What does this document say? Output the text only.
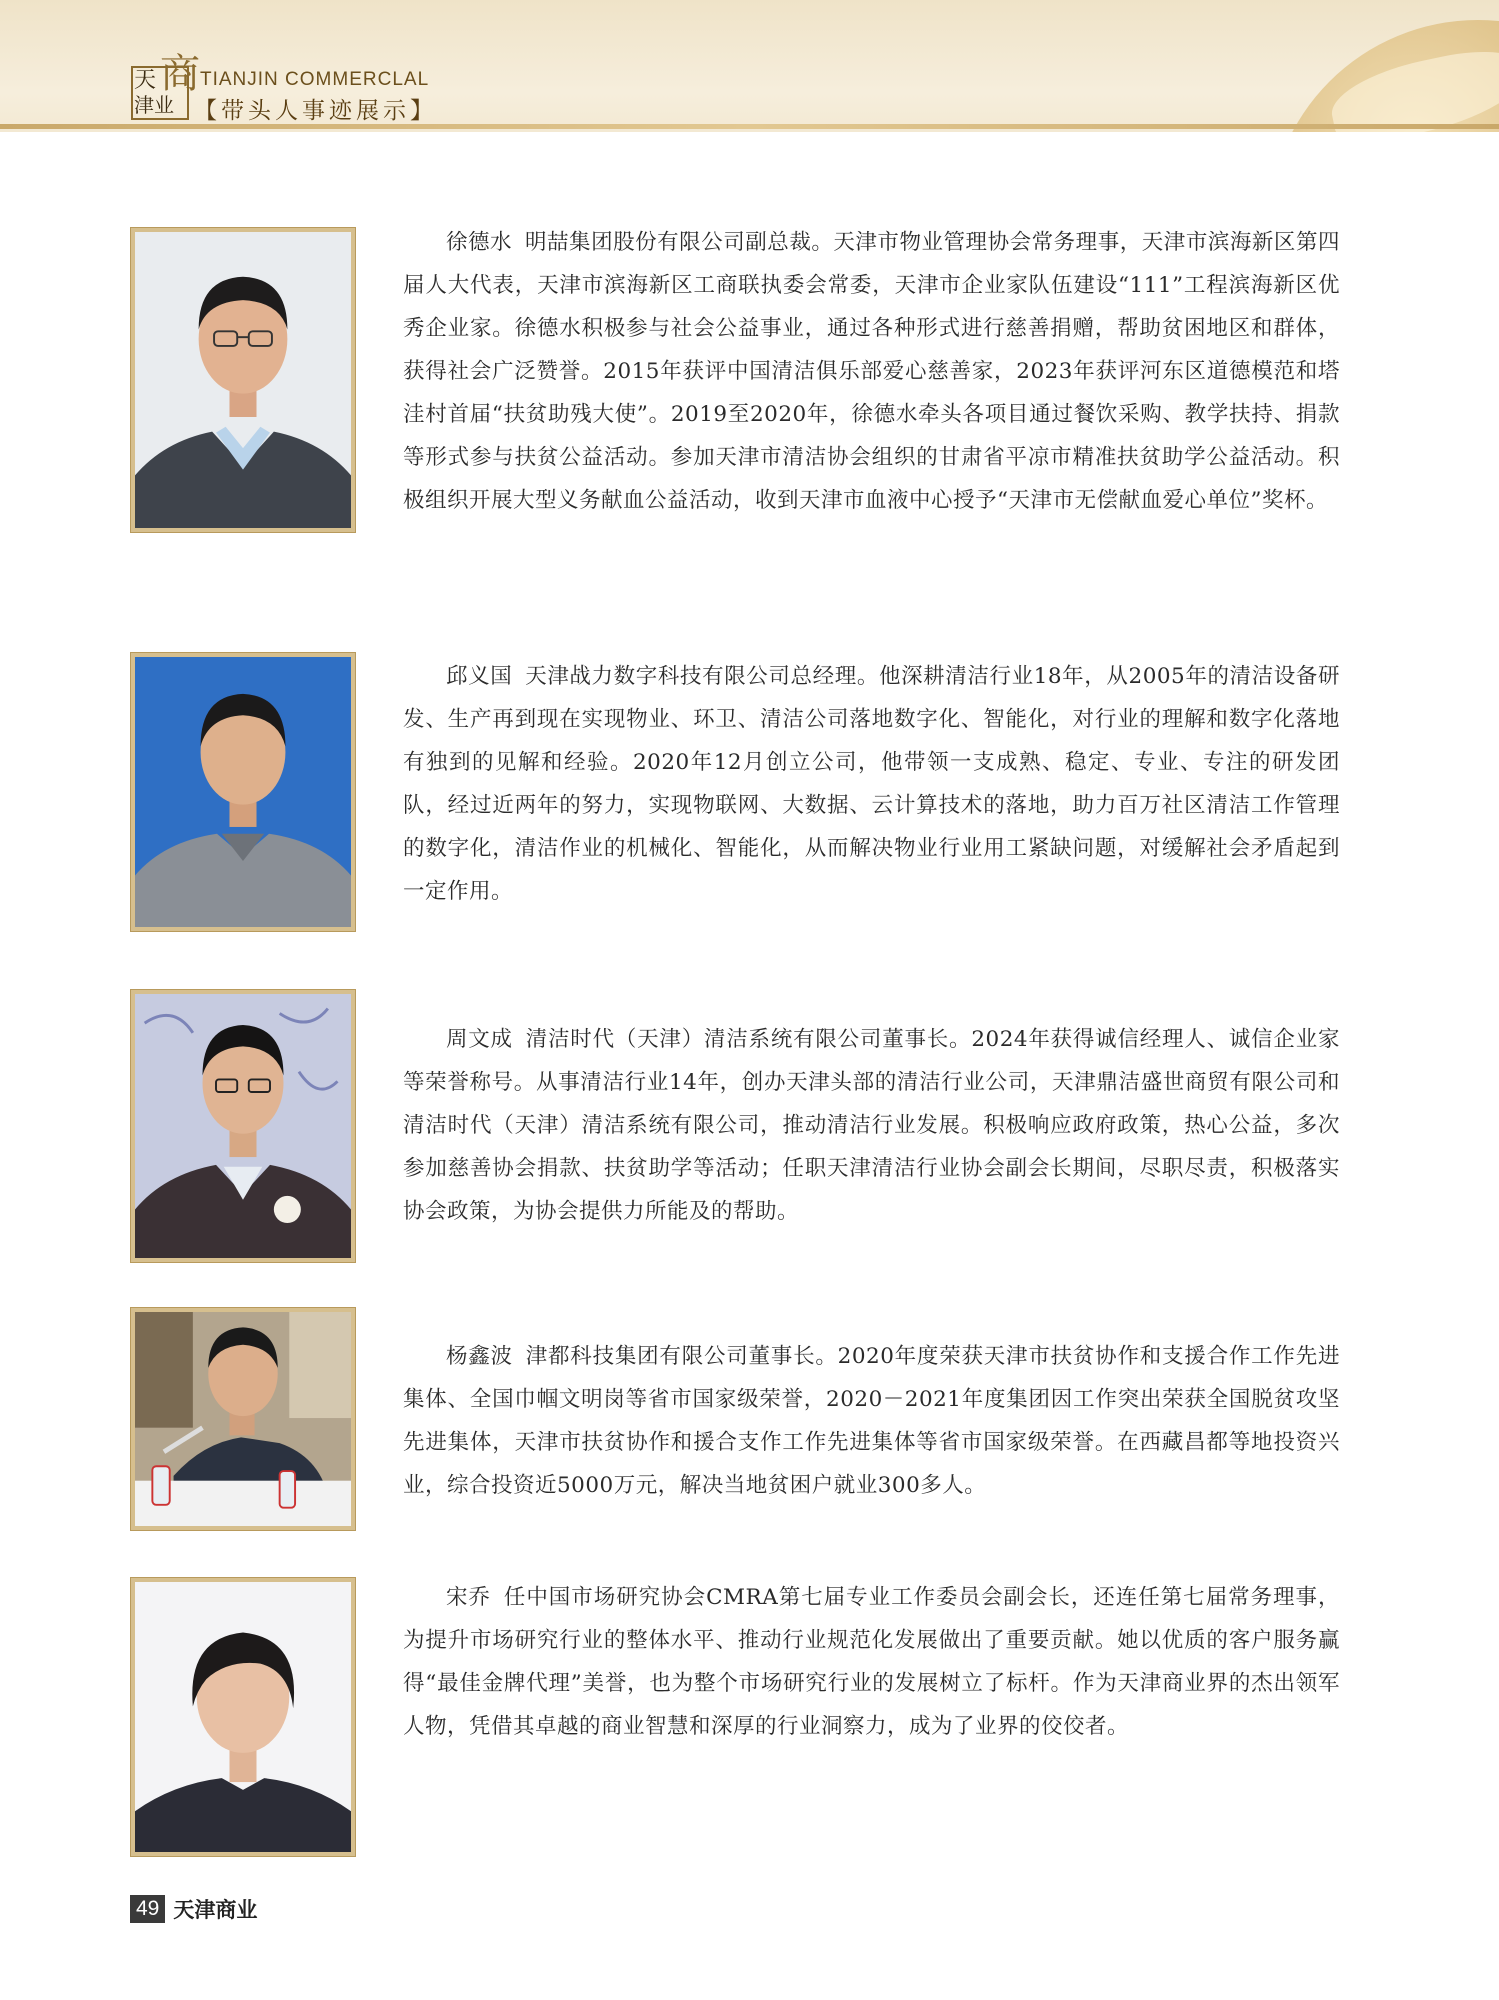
天 商
津业
TIANJIN COMMERCLAL
【带头人事迹展示】
徐德水 明喆集团股份有限公司副总裁。天津市物业管理协会常务理事，天津市滨海新区第四届人大代表，天津市滨海新区工商联执委会常委，天津市企业家队伍建设“111”工程滨海新区优秀企业家。徐德水积极参与社会公益事业，通过各种形式进行慈善捐赠，帮助贫困地区和群体，获得社会广泛赞誉。2015年获评中国清洁俱乐部爱心慈善家，2023年获评河东区道德模范和塔洼村首届“扶贫助残大使”。2019至2020年，徐德水牵头各项目通过餐饮采购、教学扶持、捐款等形式参与扶贫公益活动。参加天津市清洁协会组织的甘肃省平凉市精准扶贫助学公益活动。积极组织开展大型义务献血公益活动，收到天津市血液中心授予“天津市无偿献血爱心单位”奖杯。
邱义国 天津战力数字科技有限公司总经理。他深耕清洁行业18年，从2005年的清洁设备研发、生产再到现在实现物业、环卫、清洁公司落地数字化、智能化，对行业的理解和数字化落地有独到的见解和经验。2020年12月创立公司，他带领一支成熟、稳定、专业、专注的研发团队，经过近两年的努力，实现物联网、大数据、云计算技术的落地，助力百万社区清洁工作管理的数字化，清洁作业的机械化、智能化，从而解决物业行业用工紧缺问题，对缓解社会矛盾起到一定作用。
周文成 清洁时代（天津）清洁系统有限公司董事长。2024年获得诚信经理人、诚信企业家等荣誉称号。从事清洁行业14年，创办天津头部的清洁行业公司，天津鼎洁盛世商贸有限公司和清洁时代（天津）清洁系统有限公司，推动清洁行业发展。积极响应政府政策，热心公益，多次参加慈善协会捐款、扶贫助学等活动；任职天津清洁行业协会副会长期间，尽职尽责，积极落实协会政策，为协会提供力所能及的帮助。
杨鑫波 津都科技集团有限公司董事长。2020年度荣获天津市扶贫协作和支援合作工作先进集体、全国巾帼文明岗等省市国家级荣誉，2020－2021年度集团因工作突出荣获全国脱贫攻坚先进集体，天津市扶贫协作和援合支作工作先进集体等省市国家级荣誉。在西藏昌都等地投资兴业，综合投资近5000万元，解决当地贫困户就业300多人。
宋乔 任中国市场研究协会CMRA第七届专业工作委员会副会长，还连任第七届常务理事，为提升市场研究行业的整体水平、推动行业规范化发展做出了重要贡献。她以优质的客户服务赢得“最佳金牌代理”美誉，也为整个市场研究行业的发展树立了标杆。作为天津商业界的杰出领军人物，凭借其卓越的商业智慧和深厚的行业洞察力，成为了业界的佼佼者。
49 天津商业
